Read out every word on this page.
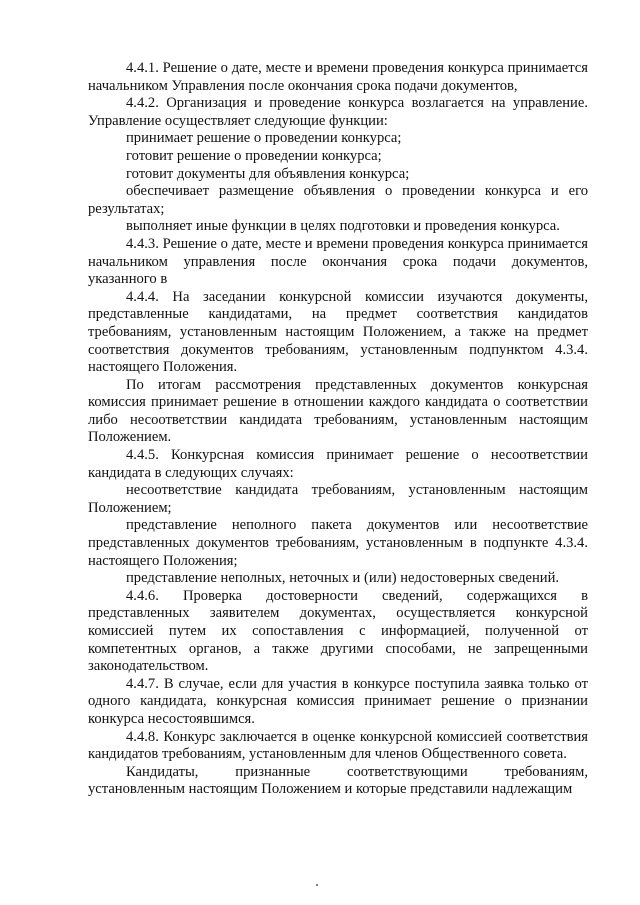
4.4.1. Решение о дате, месте и времени проведения конкурса принимается начальником Управления после окончания срока подачи документов,

4.4.2. Организация и проведение конкурса возлагается на управление. Управление осуществляет следующие функции:

принимает решение о проведении конкурса;

готовит решение о проведении конкурса;

готовит документы для объявления конкурса;

обеспечивает размещение объявления о проведении конкурса и его результатах;

выполняет иные функции в целях подготовки и проведения конкурса.

4.4.3. Решение о дате, месте и времени проведения конкурса принимается начальником управления после окончания срока подачи документов, указанного в

4.4.4. На заседании конкурсной комиссии изучаются документы, представленные кандидатами, на предмет соответствия кандидатов требованиям, установленным настоящим Положением, а также на предмет соответствия документов требованиям, установленным подпунктом 4.3.4. настоящего Положения.

По итогам рассмотрения представленных документов конкурсная комиссия принимает решение в отношении каждого кандидата о соответствии либо несоответствии кандидата требованиям, установленным настоящим Положением.

4.4.5. Конкурсная комиссия принимает решение о несоответствии кандидата в следующих случаях:

несоответствие кандидата требованиям, установленным настоящим Положением;

представление неполного пакета документов или несоответствие представленных документов требованиям, установленным в подпункте 4.3.4. настоящего Положения;

представление неполных, неточных и (или) недостоверных сведений.

4.4.6. Проверка достоверности сведений, содержащихся в представленных заявителем документах, осуществляется конкурсной комиссией путем их сопоставления с информацией, полученной от компетентных органов, а также другими способами, не запрещенными законодательством.

4.4.7. В случае, если для участия в конкурсе поступила заявка только от одного кандидата, конкурсная комиссия принимает решение о признании конкурса несостоявшимся.

4.4.8. Конкурс заключается в оценке конкурсной комиссией соответствия кандидатов требованиям, установленным для членов Общественного совета.

Кандидаты, признанные соответствующими требованиям, установленным настоящим Положением и которые представили надлежащим
